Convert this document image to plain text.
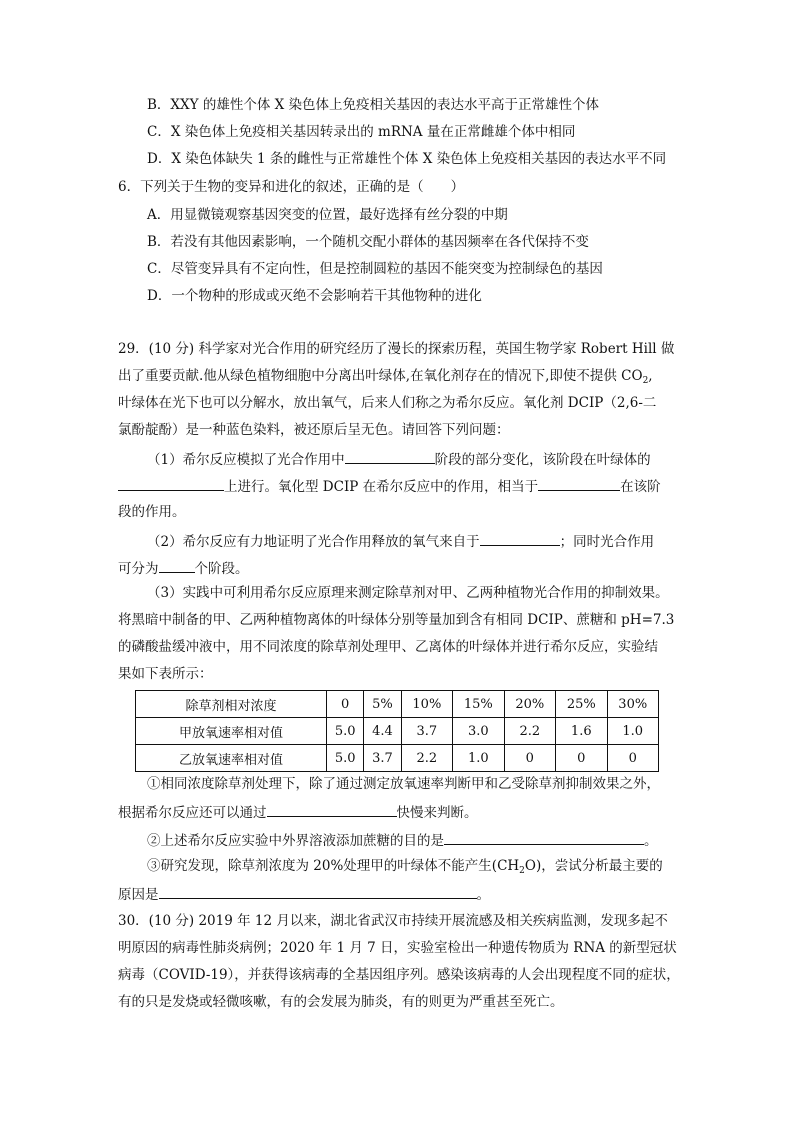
B．XXY 的雄性个体 X 染色体上免疫相关基因的表达水平高于正常雄性个体
C．X 染色体上免疫相关基因转录出的 mRNA 量在正常雌雄个体中相同
D．X 染色体缺失 1 条的雌性与正常雄性个体 X 染色体上免疫相关基因的表达水平不同
6．下列关于生物的变异和进化的叙述，正确的是（　　）
A．用显微镜观察基因突变的位置，最好选择有丝分裂的中期
B．若没有其他因素影响，一个随机交配小群体的基因频率在各代保持不变
C．尽管变异具有不定向性，但是控制圆粒的基因不能突变为控制绿色的基因
D．一个物种的形成或灭绝不会影响若干其他物种的进化
29．(10 分) 科学家对光合作用的研究经历了漫长的探索历程，英国生物学家 Robert Hill 做
出了重要贡献.他从绿色植物细胞中分离出叶绿体,在氧化剂存在的情况下,即使不提供 $CO_2$,
叶绿体在光下也可以分解水，放出氧气，后来人们称之为希尔反应。氧化剂 DCIP（2,6-二
氯酚靛酚）是一种蓝色染料，被还原后呈无色。请回答下列问题：
（1）希尔反应模拟了光合作用中	阶段的部分变化，该阶段在叶绿体的
上进行。氧化型 DCIP 在希尔反应中的作用，相当于	在该阶
段的作用。
（2）希尔反应有力地证明了光合作用释放的氧气来自于	；同时光合作用
可分为	个阶段。
（3）实践中可利用希尔反应原理来测定除草剂对甲、乙两种植物光合作用的抑制效果。
将黑暗中制备的甲、乙两种植物离体的叶绿体分别等量加到含有相同 DCIP、蔗糖和 pH=7.3
的磷酸盐缓冲液中，用不同浓度的除草剂处理甲、乙离体的叶绿体并进行希尔反应，实验结
果如下表所示：
除草剂相对浓度	0	5%	10%	15%	20%	25%	30%
甲放氧速率相对值	5.0	4.4	3.7	3.0	2.2	1.6	1.0
乙放氧速率相对值	5.0	3.7	2.2	1.0	0	0	0
①相同浓度除草剂处理下，除了通过测定放氧速率判断甲和乙受除草剂抑制效果之外，
根据希尔反应还可以通过	快慢来判断。
②上述希尔反应实验中外界溶液添加蔗糖的目的是	。
③研究发现，除草剂浓度为 20%处理甲的叶绿体不能产生$(CH_2O)$，尝试分析最主要的
原因是	。
30．(10 分) 2019 年 12 月以来，湖北省武汉市持续开展流感及相关疾病监测，发现多起不
明原因的病毒性肺炎病例；2020 年 1 月 7 日，实验室检出一种遗传物质为 RNA 的新型冠状
病毒（COVID-19），并获得该病毒的全基因组序列。感染该病毒的人会出现程度不同的症状，
有的只是发烧或轻微咳嗽，有的会发展为肺炎，有的则更为严重甚至死亡。
